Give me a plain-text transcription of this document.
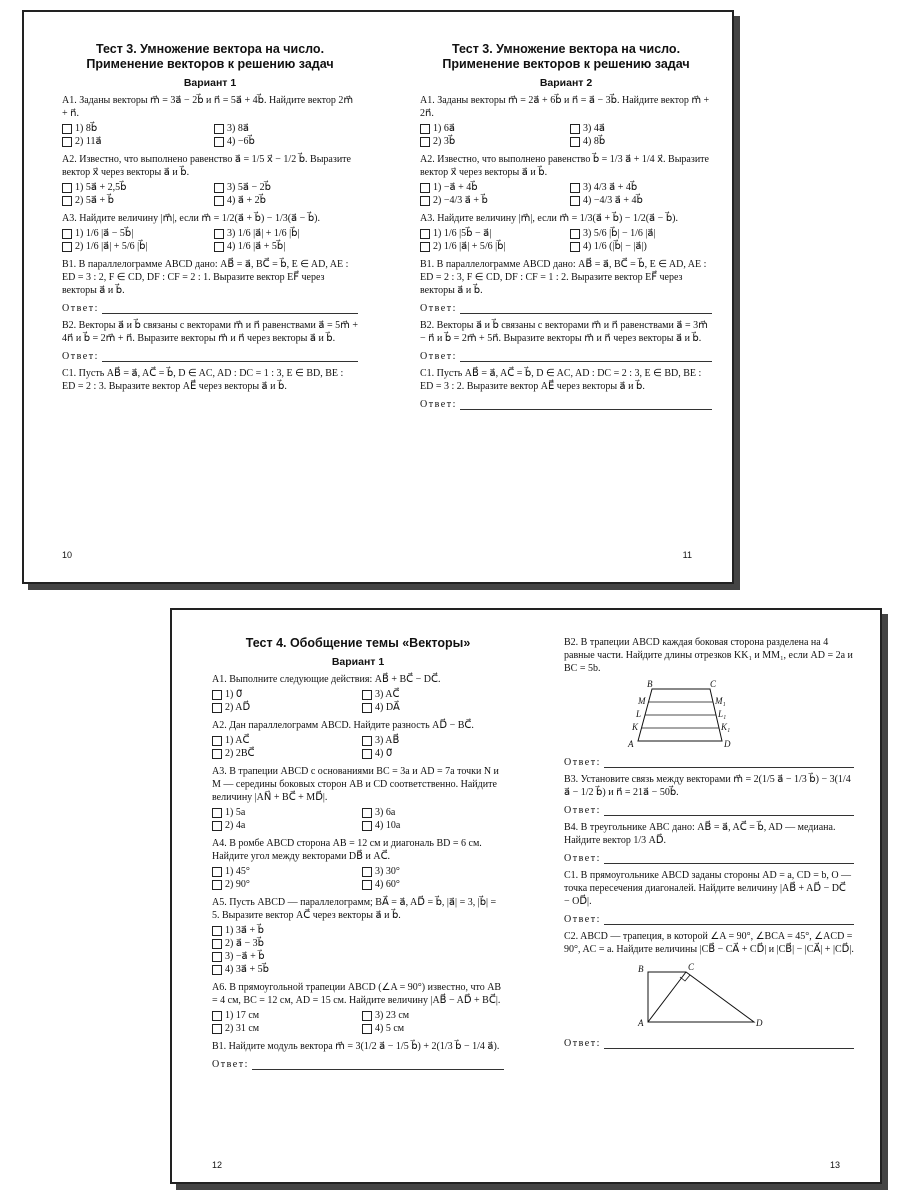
Тест 3. Умножение вектора на число. Применение векторов к решению задач
Вариант 1
A1. Заданы векторы m⃗ = 3a⃗ − 2b⃗ и n⃗ = 5a⃗ + 4b⃗. Найдите вектор 2m⃗ + n⃗.
1) 8b⃗	3) 8a⃗
2) 11a⃗	4) −6b⃗
A2. Известно, что выполнено равенство a⃗ = 1/5 x⃗ − 1/2 b⃗. Выразите вектор x⃗ через векторы a⃗ и b⃗.
1) 5a⃗ + 2,5b⃗	3) 5a⃗ − 2b⃗
2) 5a⃗ + b⃗	4) a⃗ + 2b⃗
A3. Найдите величину |m⃗|, если m⃗ = 1/2(a⃗ + b⃗) − 1/3(a⃗ − b⃗).
1) 1/6 |a⃗ − 5b⃗|	3) 1/6 |a⃗| + 1/6 |b⃗|
2) 1/6 |a⃗| + 5/6 |b⃗|	4) 1/6 |a⃗ + 5b⃗|
B1. В параллелограмме ABCD дано: AB⃗ = a⃗, BC⃗ = b⃗, E ∈ AD, AE : ED = 3 : 2, F ∈ CD, DF : CF = 2 : 1. Выразите вектор EF⃗ через векторы a⃗ и b⃗.
Ответ:
B2. Векторы a⃗ и b⃗ связаны с векторами m⃗ и n⃗ равенствами a⃗ = 5m⃗ + 4n⃗ и b⃗ = 2m⃗ + n⃗. Выразите векторы m⃗ и n⃗ через векторы a⃗ и b⃗.
Ответ:
C1. Пусть AB⃗ = a⃗, AC⃗ = b⃗, D ∈ AC, AD : DC = 1 : 3, E ∈ BD, BE : ED = 2 : 3. Выразите вектор AE⃗ через векторы a⃗ и b⃗.
10
Тест 3. Умножение вектора на число. Применение векторов к решению задач
Вариант 2
A1. Заданы векторы m⃗ = 2a⃗ + 6b⃗ и n⃗ = a⃗ − 3b⃗. Найдите вектор m⃗ + 2n⃗.
1) 6a⃗	3) 4a⃗
2) 3b⃗	4) 8b⃗
A2. Известно, что выполнено равенство b⃗ = 1/3 a⃗ + 1/4 x⃗. Выразите вектор x⃗ через векторы a⃗ и b⃗.
1) −a⃗ + 4b⃗	3) 4/3 a⃗ + 4b⃗
2) −4/3 a⃗ + b⃗	4) −4/3 a⃗ + 4b⃗
A3. Найдите величину |m⃗|, если m⃗ = 1/3(a⃗ + b⃗) − 1/2(a⃗ − b⃗).
1) 1/6 |5b⃗ − a⃗|	3) 5/6 |b⃗| − 1/6 |a⃗|
2) 1/6 |a⃗| + 5/6 |b⃗|	4) 1/6 (|b⃗| − |a⃗|)
B1. В параллелограмме ABCD дано: AB⃗ = a⃗, BC⃗ = b⃗, E ∈ AD, AE : ED = 2 : 3, F ∈ CD, DF : CF = 1 : 2. Выразите вектор EF⃗ через векторы a⃗ и b⃗.
Ответ:
B2. Векторы a⃗ и b⃗ связаны с векторами m⃗ и n⃗ равенствами a⃗ = 3m⃗ − n⃗ и b⃗ = 2m⃗ + 5n⃗. Выразите векторы m⃗ и n⃗ через векторы a⃗ и b⃗.
Ответ:
C1. Пусть AB⃗ = a⃗, AC⃗ = b⃗, D ∈ AC, AD : DC = 2 : 3, E ∈ BD, BE : ED = 3 : 2. Выразите вектор AE⃗ через векторы a⃗ и b⃗.
Ответ:
11
Тест 4. Обобщение темы «Векторы»
Вариант 1
A1. Выполните следующие действия: AB⃗ + BC⃗ − DC⃗.
1) 0⃗	3) AC⃗
2) AD⃗	4) DA⃗
A2. Дан параллелограмм ABCD. Найдите разность AD⃗ − BC⃗.
1) AC⃗	3) AB⃗
2) 2BC⃗	4) 0⃗
A3. В трапеции ABCD с основаниями BC = 3a и AD = 7a точки N и M — середины боковых сторон AB и CD соответственно. Найдите величину |AN⃗ + BC⃗ + MD⃗|.
1) 5a	3) 6a
2) 4a	4) 10a
A4. В ромбе ABCD сторона AB = 12 см и диагональ BD = 6 см. Найдите угол между векторами DB⃗ и AC⃗.
1) 45°	3) 30°
2) 90°	4) 60°
A5. Пусть ABCD — параллелограмм; BA⃗ = a⃗, AD⃗ = b⃗, |a⃗| = 3, |b⃗| = 5. Выразите вектор AC⃗ через векторы a⃗ и b⃗.
1) 3a⃗ + b⃗
2) a⃗ − 3b⃗
3) −a⃗ + b⃗
4) 3a⃗ + 5b⃗
A6. В прямоугольной трапеции ABCD (∠A = 90°) известно, что AB = 4 см, BC = 12 см, AD = 15 см. Найдите величину |AB⃗ − AD⃗ + BC⃗|.
1) 17 см	3) 23 см
2) 31 см	4) 5 см
B1. Найдите модуль вектора m⃗ = 3(1/2 a⃗ − 1/5 b⃗) + 2(1/3 b⃗ − 1/4 a⃗).
Ответ:
12
B2. В трапеции ABCD каждая боковая сторона разделена на 4 равные части. Найдите длины отрезков KK₁ и MM₁, если AD = 2a и BC = 5b.
B	C
M	M₁
L	L₁
K	K₁
A	D
Ответ:
B3. Установите связь между векторами m⃗ = 2(1/5 a⃗ − 1/3 b⃗) − 3(1/4 a⃗ − 1/2 b⃗) и n⃗ = 21a⃗ − 50b⃗.
Ответ:
B4. В треугольнике ABC дано: AB⃗ = a⃗, AC⃗ = b⃗, AD — медиана. Найдите вектор 1/3 AD⃗.
Ответ:
C1. В прямоугольнике ABCD заданы стороны AD = a, CD = b, O — точка пересечения диагоналей. Найдите величину |AB⃗ + AD⃗ − DC⃗ − OD⃗|.
Ответ:
C2. ABCD — трапеция, в которой ∠A = 90°, ∠BCA = 45°, ∠ACD = 90°, AC = a. Найдите величины |CB⃗ − CA⃗ + CD⃗| и |CB⃗| − |CA⃗| + |CD⃗|.
B	C
A	D
Ответ:
13
